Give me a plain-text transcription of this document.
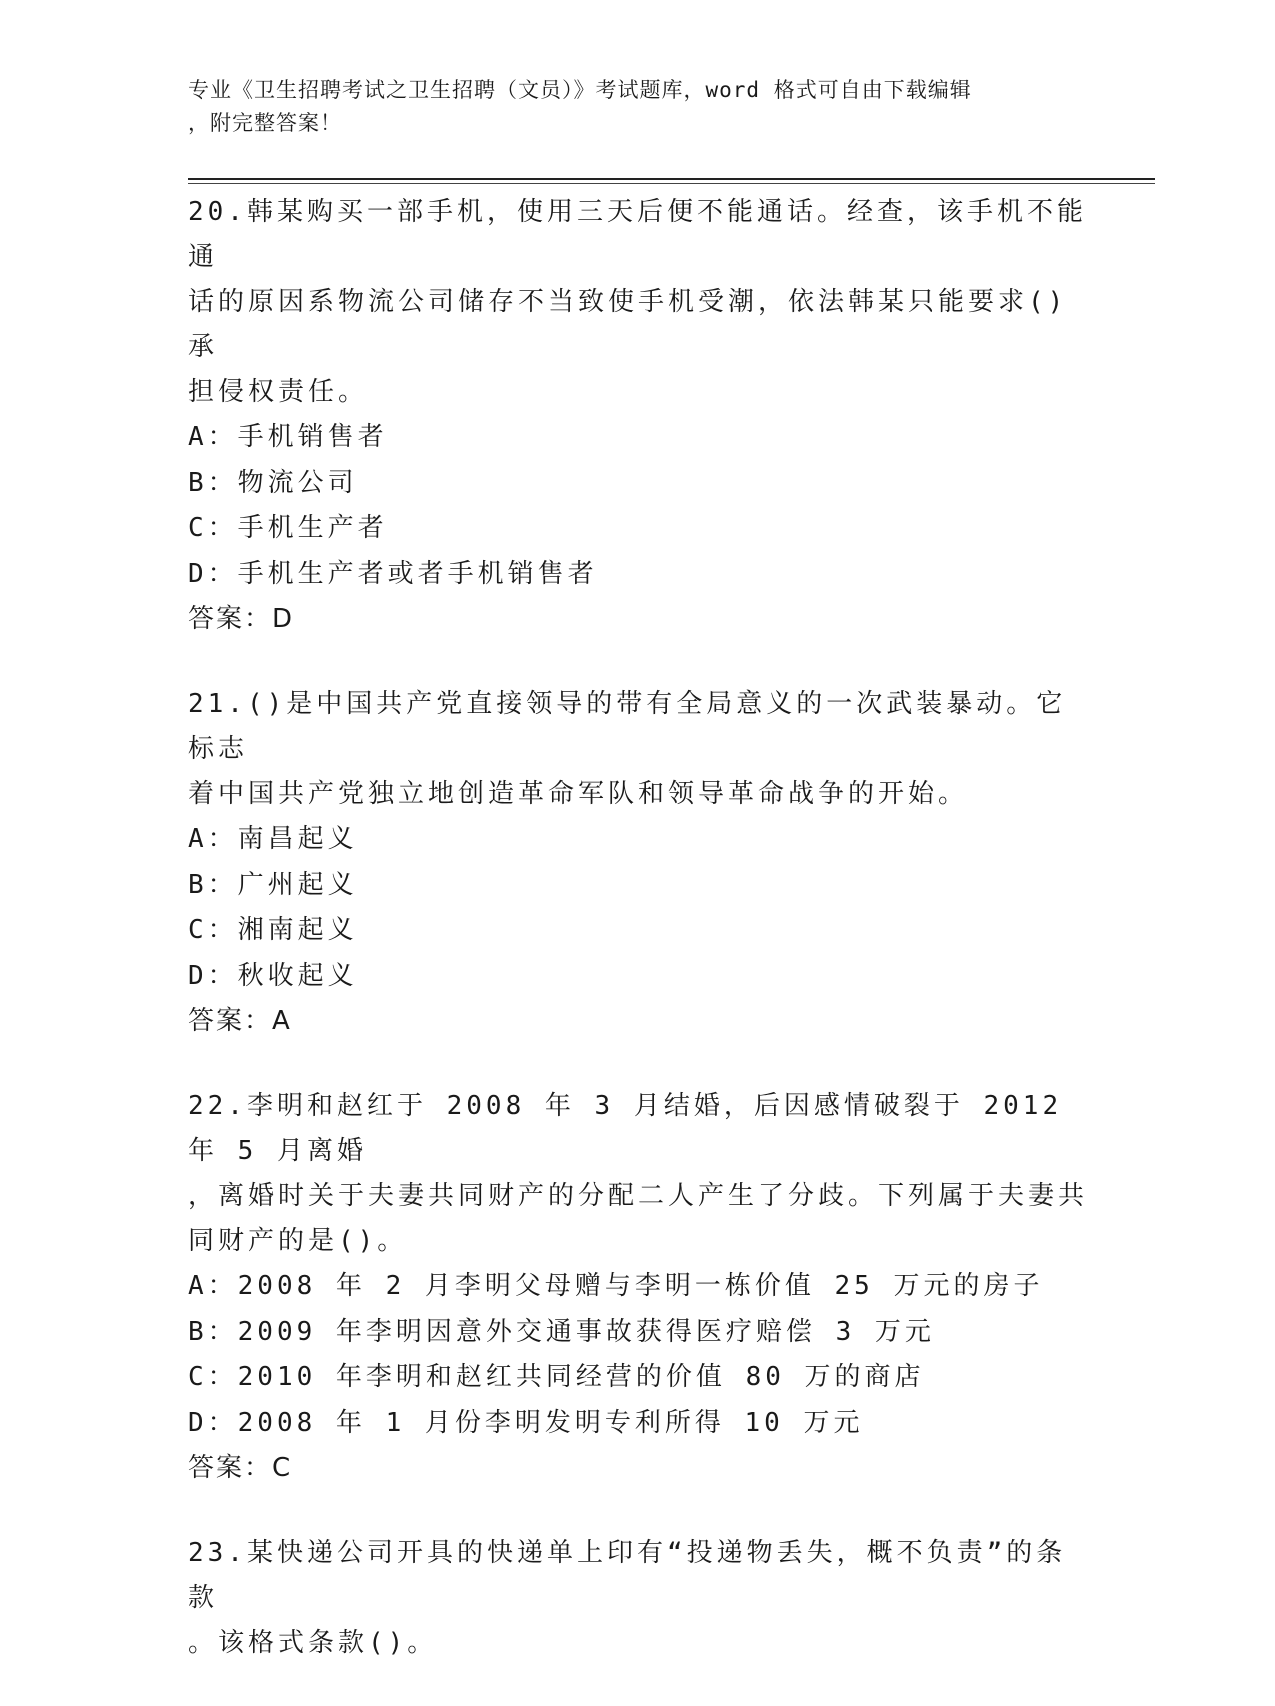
专业《卫生招聘考试之卫生招聘（文员）》考试题库，word 格式可自由下载编辑
，附完整答案！

20.韩某购买一部手机，使用三天后便不能通话。经查，该手机不能通

话的原因系物流公司储存不当致使手机受潮，依法韩某只能要求()承

担侵权责任。

A：手机销售者

B：物流公司

C：手机生产者

D：手机生产者或者手机销售者

答案：D

21.()是中国共产党直接领导的带有全局意义的一次武装暴动。它标志

着中国共产党独立地创造革命军队和领导革命战争的开始。

A：南昌起义

B：广州起义

C：湘南起义

D：秋收起义

答案：A

22.李明和赵红于 2008 年 3 月结婚，后因感情破裂于 2012 年 5 月离婚

，离婚时关于夫妻共同财产的分配二人产生了分歧。下列属于夫妻共

同财产的是()。

A：2008 年 2 月李明父母赠与李明一栋价值 25 万元的房子

B：2009 年李明因意外交通事故获得医疗赔偿 3 万元

C：2010 年李明和赵红共同经营的价值 80 万的商店

D：2008 年 1 月份李明发明专利所得 10 万元

答案：C

23.某快递公司开具的快递单上印有“投递物丢失，概不负责”的条款

。该格式条款()。
